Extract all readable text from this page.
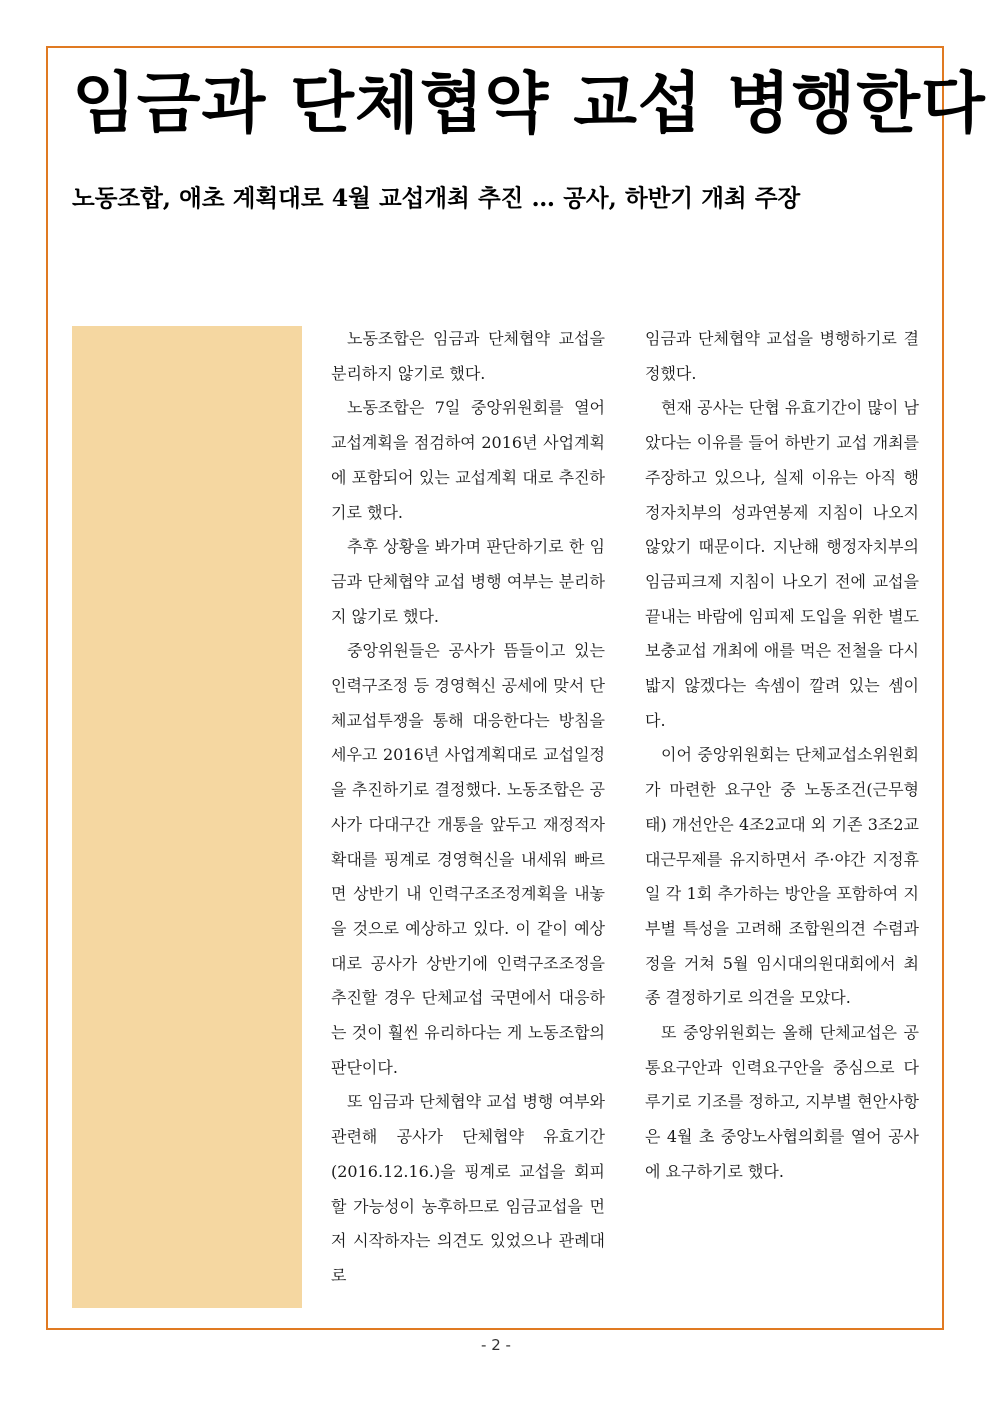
임금과 단체협약 교섭 병행한다
노동조합, 애초 계획대로 4월 교섭개최 추진 … 공사, 하반기 개최 주장

노동조합은 임금과 단체협약 교섭을 분리하지 않기로 했다.

노동조합은 7일 중앙위원회를 열어 교섭계획을 점검하여 2016년 사업계획에 포함되어 있는 교섭계획 대로 추진하기로 했다.

추후 상황을 봐가며 판단하기로 한 임금과 단체협약 교섭 병행 여부는 분리하지 않기로 했다.

중앙위원들은 공사가 뜸들이고 있는 인력구조정 등 경영혁신 공세에 맞서 단체교섭투쟁을 통해 대응한다는 방침을 세우고 2016년 사업계획대로 교섭일정을 추진하기로 결정했다. 노동조합은 공사가 다대구간 개통을 앞두고 재정적자 확대를 핑계로 경영혁신을 내세워 빠르면 상반기 내 인력구조조정계획을 내놓을 것으로 예상하고 있다. 이 같이 예상대로 공사가 상반기에 인력구조조정을 추진할 경우 단체교섭 국면에서 대응하는 것이 훨씬 유리하다는 게 노동조합의 판단이다.

또 임금과 단체협약 교섭 병행 여부와 관련해 공사가 단체협약 유효기간(2016.12.16.)을 핑계로 교섭을 회피할 가능성이 농후하므로 임금교섭을 먼저 시작하자는 의견도 있었으나 관례대로

임금과 단체협약 교섭을 병행하기로 결정했다.

현재 공사는 단협 유효기간이 많이 남았다는 이유를 들어 하반기 교섭 개최를 주장하고 있으나, 실제 이유는 아직 행정자치부의 성과연봉제 지침이 나오지 않았기 때문이다. 지난해 행정자치부의 임금피크제 지침이 나오기 전에 교섭을 끝내는 바람에 임피제 도입을 위한 별도 보충교섭 개최에 애를 먹은 전철을 다시 밟지 않겠다는 속셈이 깔려 있는 셈이다.

이어 중앙위원회는 단체교섭소위원회가 마련한 요구안 중 노동조건(근무형태) 개선안은 4조2교대 외 기존 3조2교대근무제를 유지하면서 주·야간 지정휴일 각 1회 추가하는 방안을 포함하여 지부별 특성을 고려해 조합원의견 수렴과정을 거쳐 5월 임시대의원대회에서 최종 결정하기로 의견을 모았다.

또 중앙위원회는 올해 단체교섭은 공통요구안과 인력요구안을 중심으로 다루기로 기조를 정하고, 지부별 현안사항은 4월 초 중앙노사협의회를 열어 공사에 요구하기로 했다.

- 2 -
